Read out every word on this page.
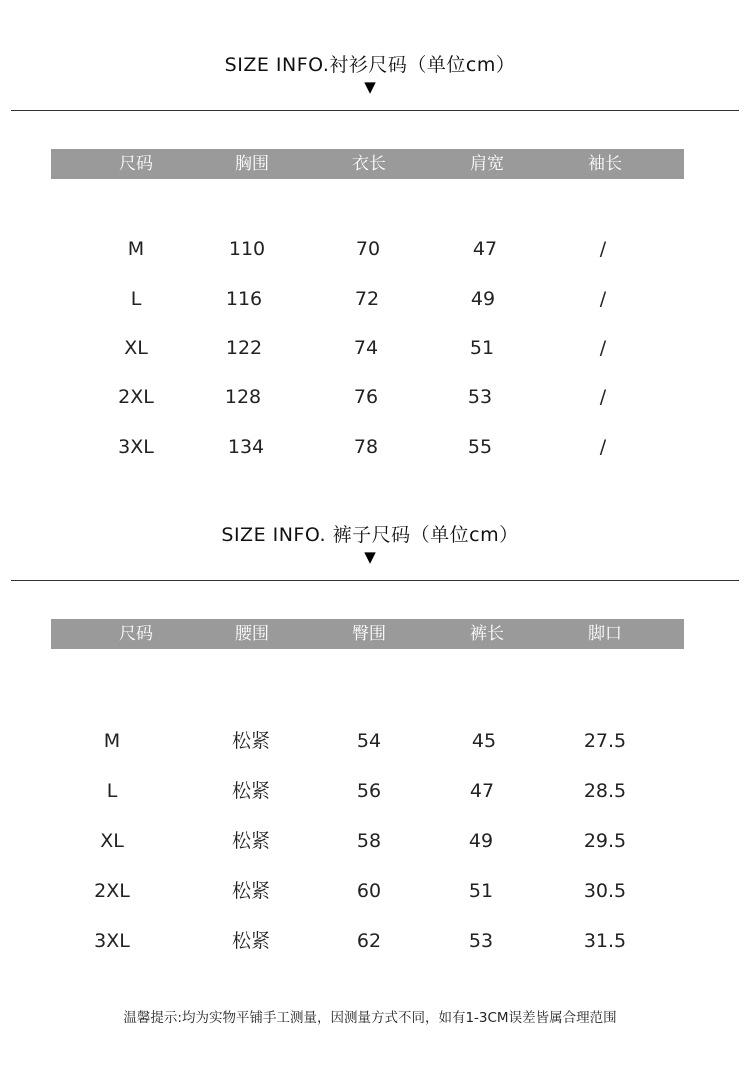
SIZE INFO.衬衫尺码（单位cm）
▼
尺码	胸围	衣长	肩宽	袖长
M	110	70	47	/
L	116	72	49	/
XL	122	74	51	/
2XL	128	76	53	/
3XL	134	78	55	/
SIZE INFO. 裤子尺码（单位cm）
▼
尺码	腰围	臀围	裤长	脚口
M	松紧	54	45	27.5
L	松紧	56	47	28.5
XL	松紧	58	49	29.5
2XL	松紧	60	51	30.5
3XL	松紧	62	53	31.5
温馨提示:均为实物平铺手工测量，因测量方式不同，如有1-3CM误差皆属合理范围
